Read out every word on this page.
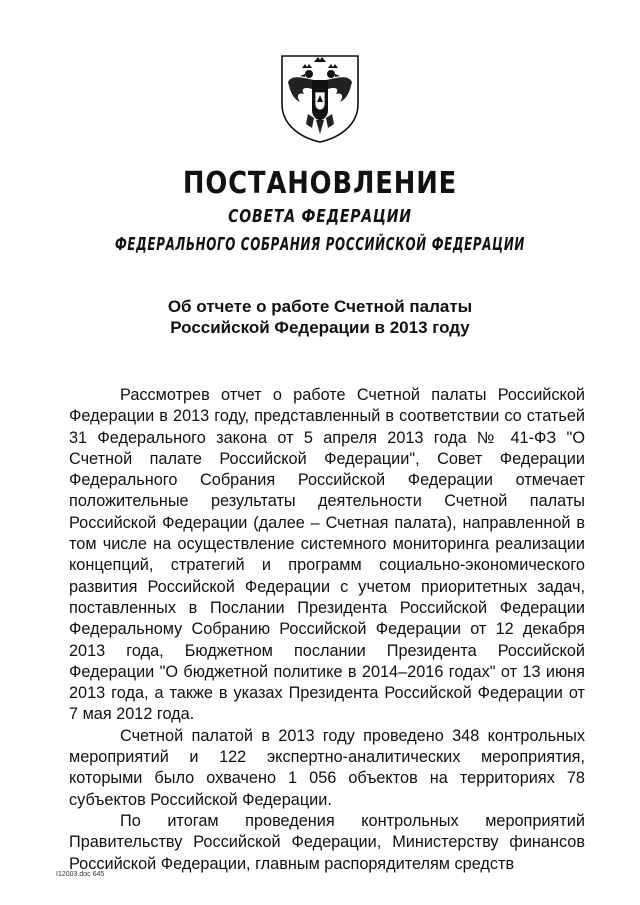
ПОСТАНОВЛЕНИЕ
СОВЕТА ФЕДЕРАЦИИ
ФЕДЕРАЛЬНОГО СОБРАНИЯ РОССИЙСКОЙ ФЕДЕРАЦИИ
Об отчете о работе Счетной палаты
Российской Федерации в 2013 году

Рассмотрев отчет о работе Счетной палаты Российской Федерации в 2013 году, представленный в соответствии со статьей 31 Федерального закона от 5 апреля 2013 года № 41-ФЗ "О Счетной палате Российской Федерации", Совет Федерации Федерального Собрания Российской Федерации отмечает положительные результаты деятельности Счетной палаты Российской Федерации (далее – Счетная палата), направленной в том числе на осуществление системного мониторинга реализации концепций, стратегий и программ социально-экономического развития Российской Федерации с учетом приоритетных задач, поставленных в Послании Президента Российской Федерации Федеральному Собранию Российской Федерации от 12 декабря 2013 года, Бюджетном послании Президента Российской Федерации "О бюджетной политике в 2014–2016 годах" от 13 июня 2013 года, а также в указах Президента Российской Федерации от 7 мая 2012 года.

Счетной палатой в 2013 году проведено 348 контрольных мероприятий и 122 экспертно-аналитических мероприятия, которыми было охвачено 1 056 объектов на территориях 78 субъектов Российской Федерации.

По итогам проведения контрольных мероприятий Правительству Российской Федерации, Министерству финансов Российской Федерации, главным распорядителям средств

I12003.doc 645
